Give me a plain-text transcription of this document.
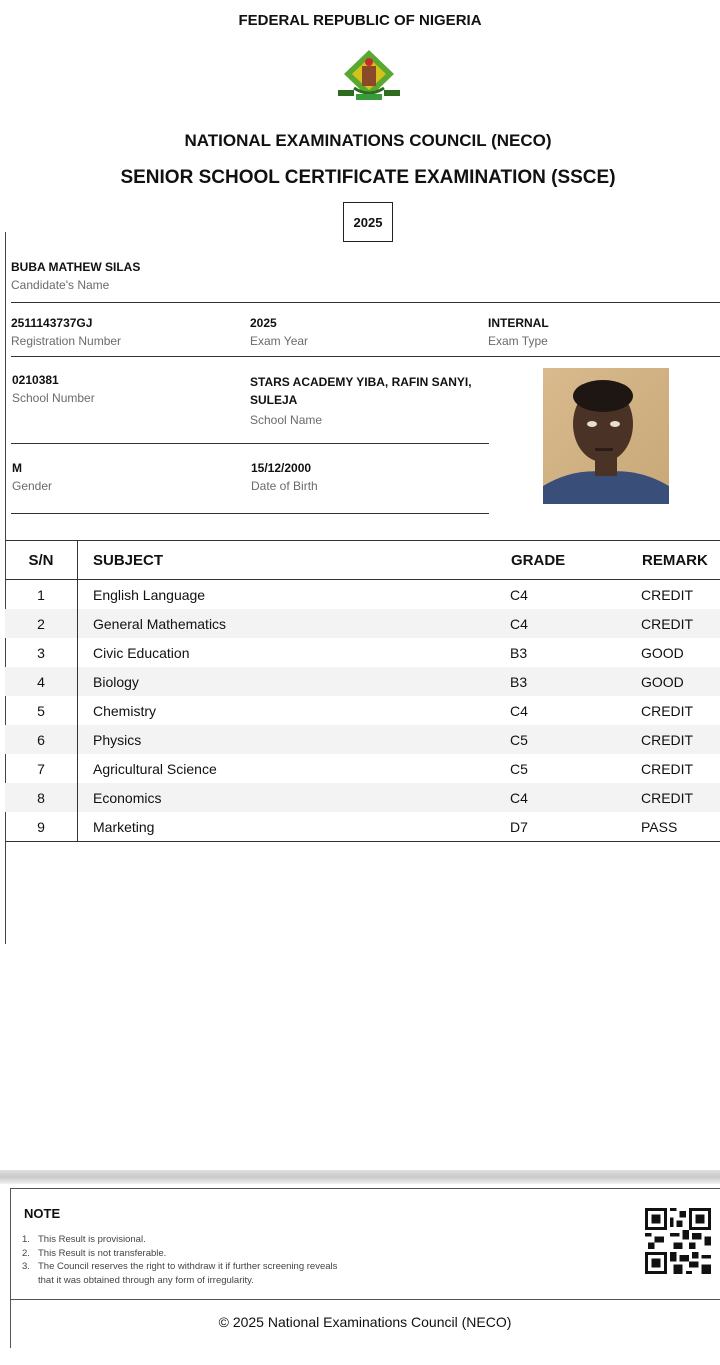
FEDERAL REPUBLIC OF NIGERIA
NATIONAL EXAMINATIONS COUNCIL (NECO)
SENIOR SCHOOL CERTIFICATE EXAMINATION (SSCE)
2025
BUBA MATHEW SILAS
Candidate's Name
2511143737GJ
Registration Number
2025
Exam Year
INTERNAL
Exam Type
0210381
School Number
STARS ACADEMY YIBA, RAFIN SANYI, SULEJA
School Name
M
Gender
15/12/2000
Date of Birth
S/N	SUBJECT	GRADE	REMARK
1	English Language	C4	CREDIT
2	General Mathematics	C4	CREDIT
3	Civic Education	B3	GOOD
4	Biology	B3	GOOD
5	Chemistry	C4	CREDIT
6	Physics	C5	CREDIT
7	Agricultural Science	C5	CREDIT
8	Economics	C4	CREDIT
9	Marketing	D7	PASS
NOTE
1. This Result is provisional.
2. This Result is not transferable.
3. The Council reserves the right to withdraw it if further screening reveals
that it was obtained through any form of irregularity.
© 2025 National Examinations Council (NECO)
